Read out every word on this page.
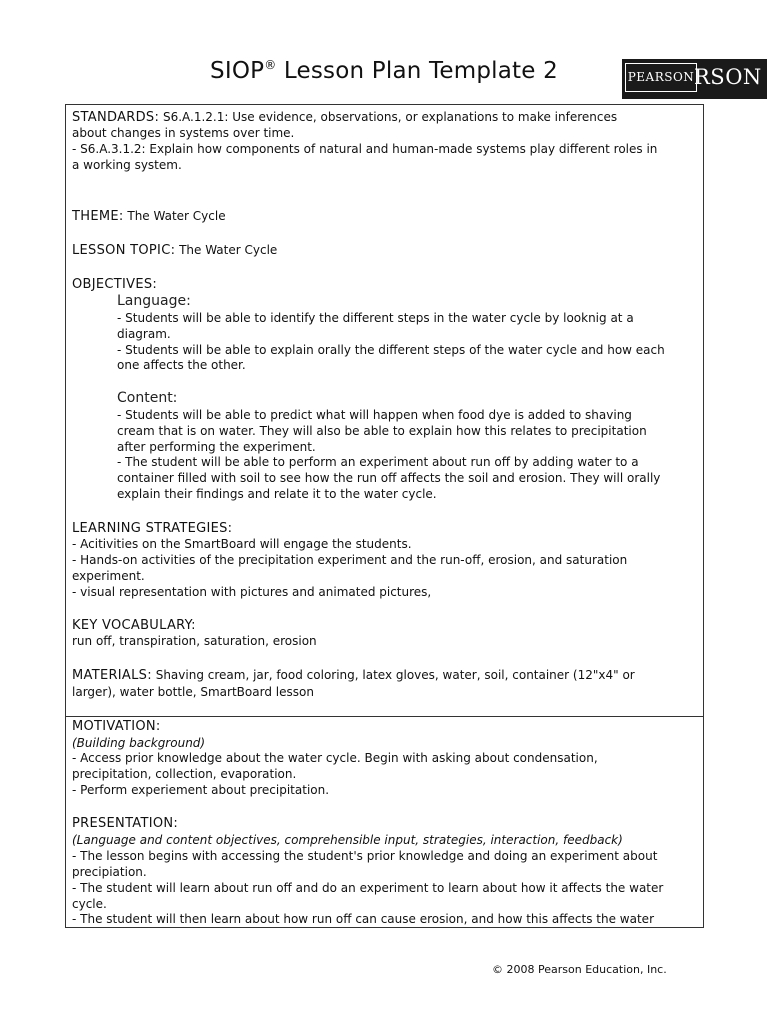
SIOP® Lesson Plan Template 2	PEARSON RSON
STANDARDS: S6.A.1.2.1: Use evidence, observations, or explanations to make inferences
about changes in systems over time.
- S6.A.3.1.2: Explain how components of natural and human-made systems play different roles in
a working system.
THEME: The Water Cycle
LESSON TOPIC: The Water Cycle
OBJECTIVES:
Language:
- Students will be able to identify the different steps in the water cycle by looknig at a
diagram.
- Students will be able to explain orally the different steps of the water cycle and how each
one affects the other.
Content:
- Students will be able to predict what will happen when food dye is added to shaving
cream that is on water. They will also be able to explain how this relates to precipitation
after performing the experiment.
- The student will be able to perform an experiment about run off by adding water to a
container filled with soil to see how the run off affects the soil and erosion. They will orally
explain their findings and relate it to the water cycle.
LEARNING STRATEGIES:
- Acitivities on the SmartBoard will engage the students.
- Hands-on activities of the precipitation experiment and the run-off, erosion, and saturation
experiment.
- visual representation with pictures and animated pictures,
KEY VOCABULARY:
run off, transpiration, saturation, erosion
MATERIALS: Shaving cream, jar, food coloring, latex gloves, water, soil, container (12"x4" or
larger), water bottle, SmartBoard lesson
MOTIVATION:
(Building background)
- Access prior knowledge about the water cycle. Begin with asking about condensation,
precipitation, collection, evaporation.
- Perform experiement about precipitation.
PRESENTATION:
(Language and content objectives, comprehensible input, strategies, interaction, feedback)
- The lesson begins with accessing the student's prior knowledge and doing an experiment about
precipiation.
- The student will learn about run off and do an experiment to learn about how it affects the water
cycle.
- The student will then learn about how run off can cause erosion, and how this affects the water
© 2008 Pearson Education, Inc.
